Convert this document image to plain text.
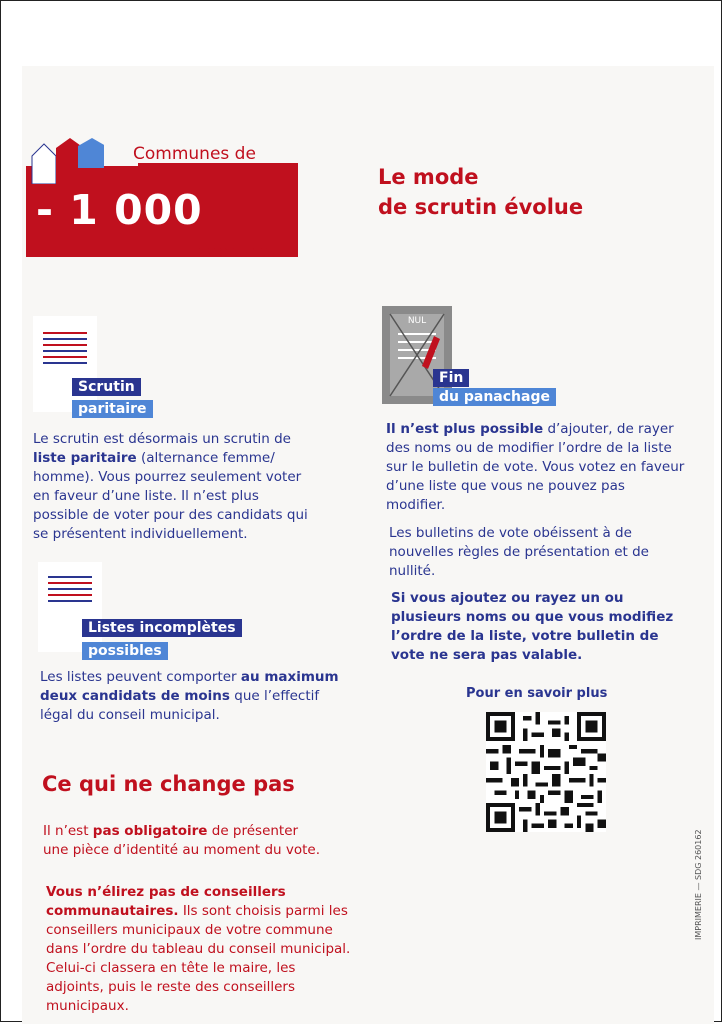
Communes de
- 1 000
habitants
Le mode
de scrutin évolue
Scrutin
paritaire

Le scrutin est désormais un scrutin de liste paritaire (alternance femme/ homme). Vous pourrez seulement voter en faveur d’une liste. Il n’est plus possible de voter pour des candidats qui se présentent individuellement.

Listes incomplètes
possibles

Les listes peuvent comporter au maximum deux candidats de moins que l’effectif légal du conseil municipal.

NUL
Fin
du panachage

Il n’est plus possible d’ajouter, de rayer des noms ou de modifier l’ordre de la liste sur le bulletin de vote. Vous votez en faveur d’une liste que vous ne pouvez pas modifier.

Les bulletins de vote obéissent à de nouvelles règles de présentation et de nullité.

Si vous ajoutez ou rayez un ou plusieurs noms ou que vous modifiez l’ordre de la liste, votre bulletin de vote ne sera pas valable.

Pour en savoir plus
Ce qui ne change pas

Il n’est pas obligatoire de présenter une pièce d’identité au moment du vote.

Vous n’élirez pas de conseillers communautaires. Ils sont choisis parmi les conseillers municipaux de votre commune dans l’ordre du tableau du conseil municipal. Celui-ci classera en tête le maire, les adjoints, puis le reste des conseillers municipaux.

IMPRIMERIE — SDG 260162
